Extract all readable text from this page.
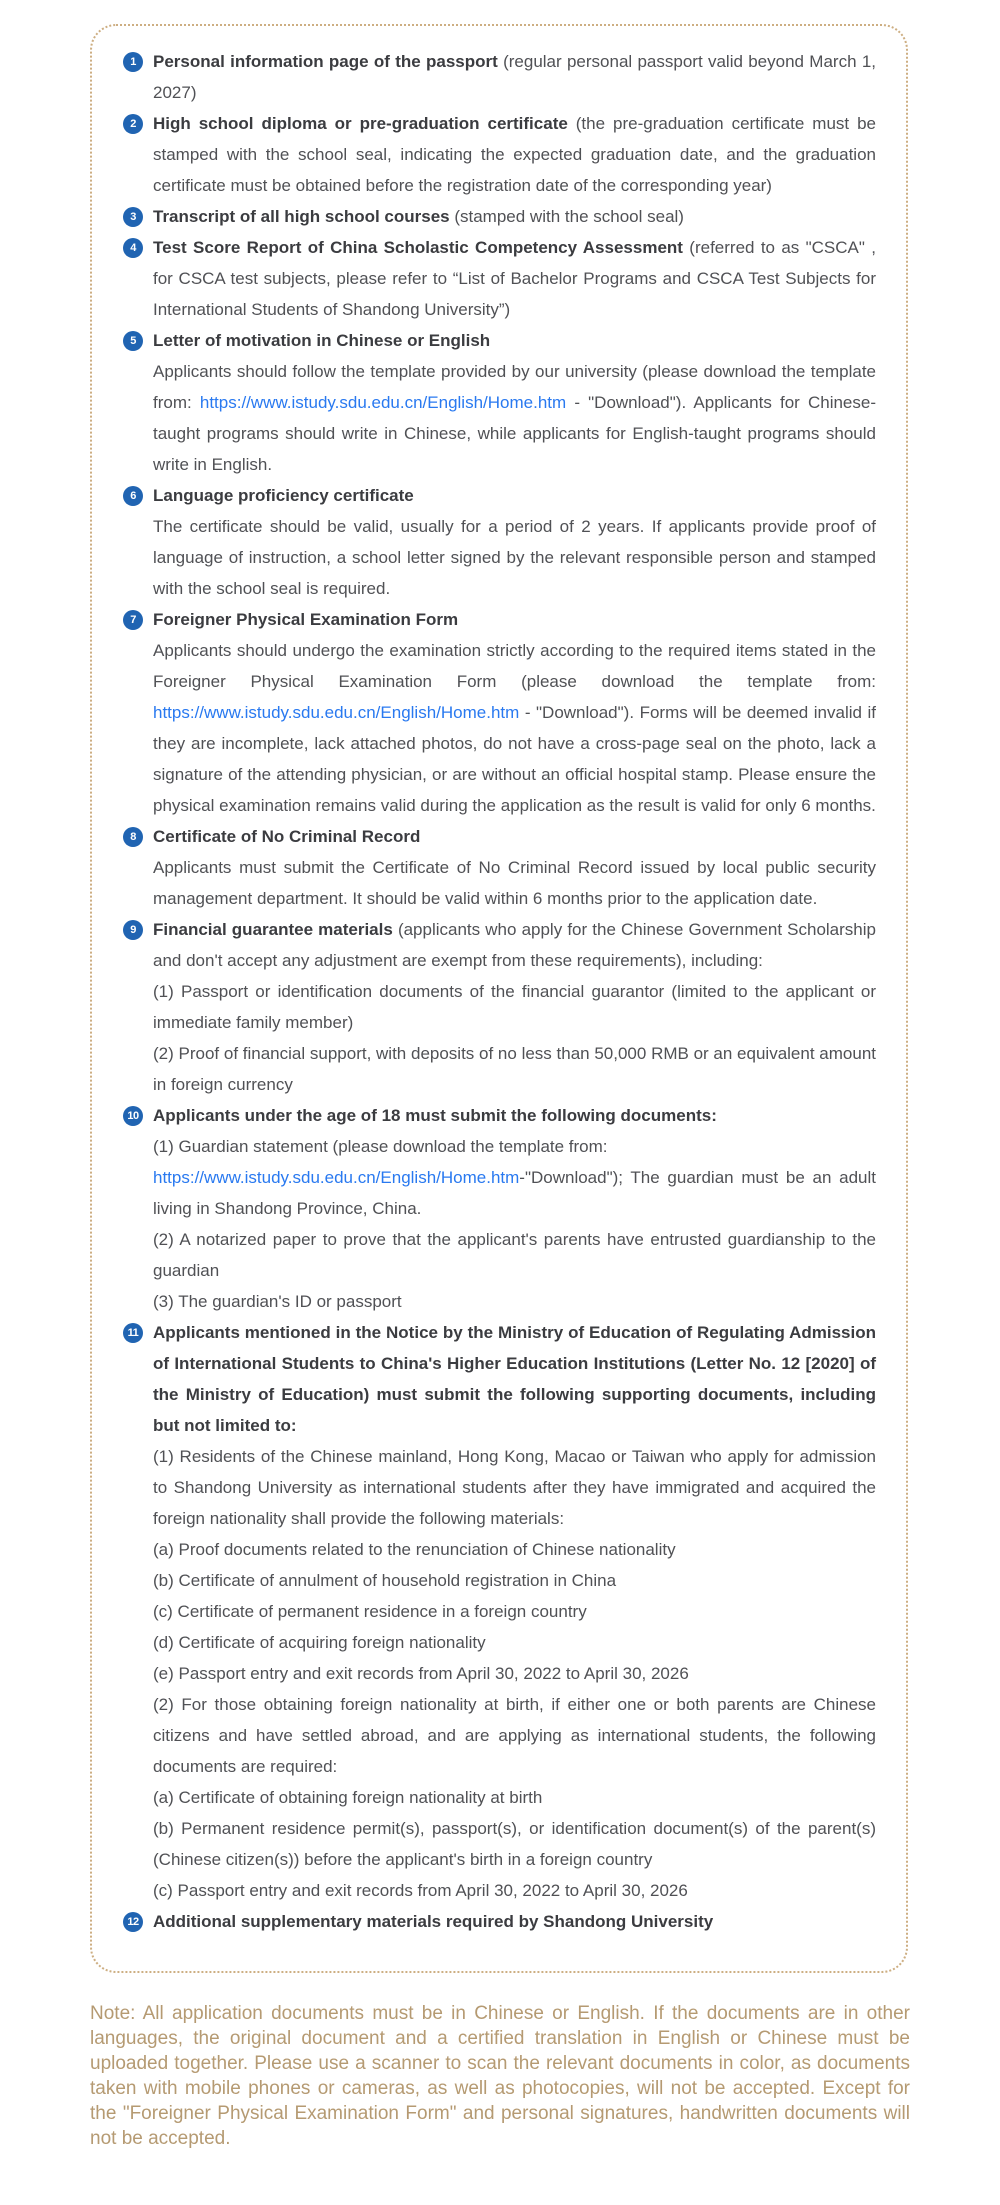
1	Personal information page of the passport (regular personal passport valid beyond March 1, 2027)

2	High school diploma or pre-graduation certificate (the pre-graduation certificate must be stamped with the school seal, indicating the expected graduation date, and the graduation certificate must be obtained before the registration date of the corresponding year)

3	Transcript of all high school courses (stamped with the school seal)

4	Test Score Report of China Scholastic Competency Assessment (referred to as "CSCA" , for CSCA test subjects, please refer to “List of Bachelor Programs and CSCA Test Subjects for International Students of Shandong University”)

5	Letter of motivation in Chinese or English

Applicants should follow the template provided by our university (please download the template from: https://www.istudy.sdu.edu.cn/English/Home.htm - "Download"). Applicants for Chinese-taught programs should write in Chinese, while applicants for English-taught programs should write in English.

6	Language proficiency certificate

The certificate should be valid, usually for a period of 2 years. If applicants provide proof of language of instruction, a school letter signed by the relevant responsible person and stamped with the school seal is required.

7	Foreigner Physical Examination Form

Applicants should undergo the examination strictly according to the required items stated in the Foreigner Physical Examination Form (please download the template from: https://www.istudy.sdu.edu.cn/English/Home.htm - "Download"). Forms will be deemed invalid if they are incomplete, lack attached photos, do not have a cross-page seal on the photo, lack a signature of the attending physician, or are without an official hospital stamp. Please ensure the physical examination remains valid during the application as the result is valid for only 6 months.

8	Certificate of No Criminal Record

Applicants must submit the Certificate of No Criminal Record issued by local public security management department. It should be valid within 6 months prior to the application date.

9	Financial guarantee materials (applicants who apply for the Chinese Government Scholarship and don't accept any adjustment are exempt from these requirements), including:

(1) Passport or identification documents of the financial guarantor (limited to the applicant or immediate family member)

(2) Proof of financial support, with deposits of no less than 50,000 RMB or an equivalent amount in foreign currency

10 Applicants under the age of 18 must submit the following documents:

(1) Guardian statement (please download the template from:

https://www.istudy.sdu.edu.cn/English/Home.htm-"Download"); The guardian must be an adult living in Shandong Province, China.

(2) A notarized paper to prove that the applicant's parents have entrusted guardianship to the guardian

(3) The guardian's ID or passport

11 Applicants mentioned in the Notice by the Ministry of Education of Regulating Admission of International Students to China's Higher Education Institutions (Letter No. 12 [2020] of the Ministry of Education) must submit the following supporting documents, including but not limited to:

(1) Residents of the Chinese mainland, Hong Kong, Macao or Taiwan who apply for admission to Shandong University as international students after they have immigrated and acquired the foreign nationality shall provide the following materials:

(a) Proof documents related to the renunciation of Chinese nationality

(b) Certificate of annulment of household registration in China

(c) Certificate of permanent residence in a foreign country

(d) Certificate of acquiring foreign nationality

(e) Passport entry and exit records from April 30, 2022 to April 30, 2026

(2) For those obtaining foreign nationality at birth, if either one or both parents are Chinese citizens and have settled abroad, and are applying as international students, the following documents are required:

(a) Certificate of obtaining foreign nationality at birth

(b) Permanent residence permit(s), passport(s), or identification document(s) of the parent(s) (Chinese citizen(s)) before the applicant's birth in a foreign country

(c) Passport entry and exit records from April 30, 2022 to April 30, 2026

12 Additional supplementary materials required by Shandong University

Note: All application documents must be in Chinese or English. If the documents are in other languages, the original document and a certified translation in English or Chinese must be uploaded together. Please use a scanner to scan the relevant documents in color, as documents taken with mobile phones or cameras, as well as photocopies, will not be accepted. Except for the "Foreigner Physical Examination Form" and personal signatures, handwritten documents will not be accepted.
